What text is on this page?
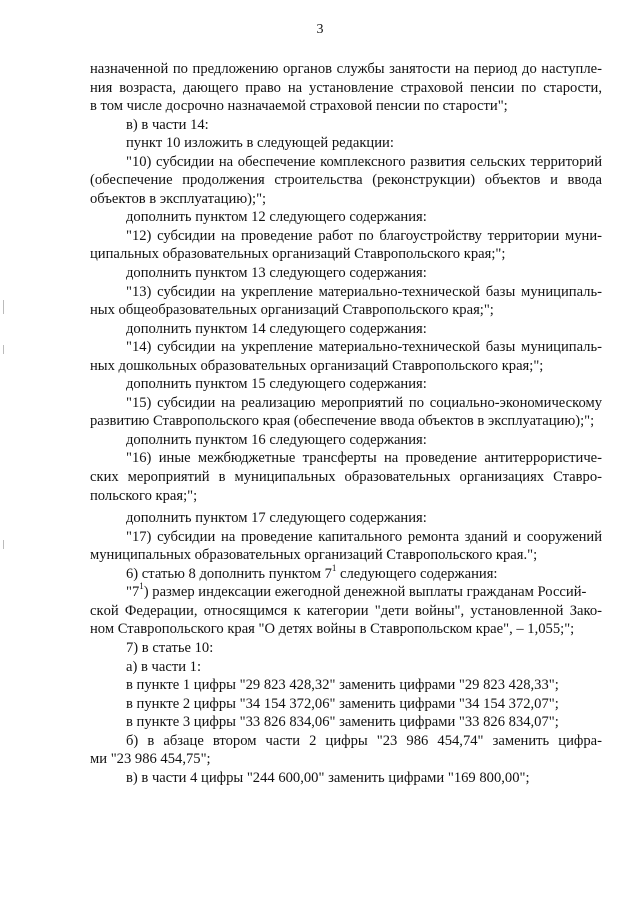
3
назначенной по предложению органов службы занятости на период до наступле-
ния возраста, дающего право на установление страховой пенсии по старости,
в том числе досрочно назначаемой страховой пенсии по старости";
в) в части 14:
пункт 10 изложить в следующей редакции:
"10) субсидии на обеспечение комплексного развития сельских территорий
(обеспечение продолжения строительства (реконструкции) объектов и ввода
объектов в эксплуатацию);";
дополнить пунктом 12 следующего содержания:
"12) субсидии на проведение работ по благоустройству территории муни-
ципальных образовательных организаций Ставропольского края;";
дополнить пунктом 13 следующего содержания:
"13) субсидии на укрепление материально-технической базы муниципаль-
ных общеобразовательных организаций Ставропольского края;";
дополнить пунктом 14 следующего содержания:
"14) субсидии на укрепление материально-технической базы муниципаль-
ных дошкольных образовательных организаций Ставропольского края;";
дополнить пунктом 15 следующего содержания:
"15) субсидии на реализацию мероприятий по социально-экономическому
развитию Ставропольского края (обеспечение ввода объектов в эксплуатацию);";
дополнить пунктом 16 следующего содержания:
"16) иные межбюджетные трансферты на проведение антитеррористиче-
ских мероприятий в муниципальных образовательных организациях Ставро-
польского края;";
дополнить пунктом 17 следующего содержания:
"17) субсидии на проведение капитального ремонта зданий и сооружений
муниципальных образовательных организаций Ставропольского края.";
6) статью 8 дополнить пунктом $7^1$ следующего содержания:
"$7^1$) размер индексации ежегодной денежной выплаты гражданам Россий-
скoй Федерации, относящимся к категории "дети войны", установленной Зако-
ном Ставропольского края "О детях войны в Ставропольском крае", – 1,055;";
7) в статье 10:
а) в части 1:
в пункте 1 цифры "29 823 428,32" заменить цифрами "29 823 428,33";
в пункте 2 цифры "34 154 372,06" заменить цифрами "34 154 372,07";
в пункте 3 цифры "33 826 834,06" заменить цифрами "33 826 834,07";
б) в абзаце втором части 2 цифры "23 986 454,74" заменить цифра-
ми "23 986 454,75";
в) в части 4 цифры "244 600,00" заменить цифрами "169 800,00";
